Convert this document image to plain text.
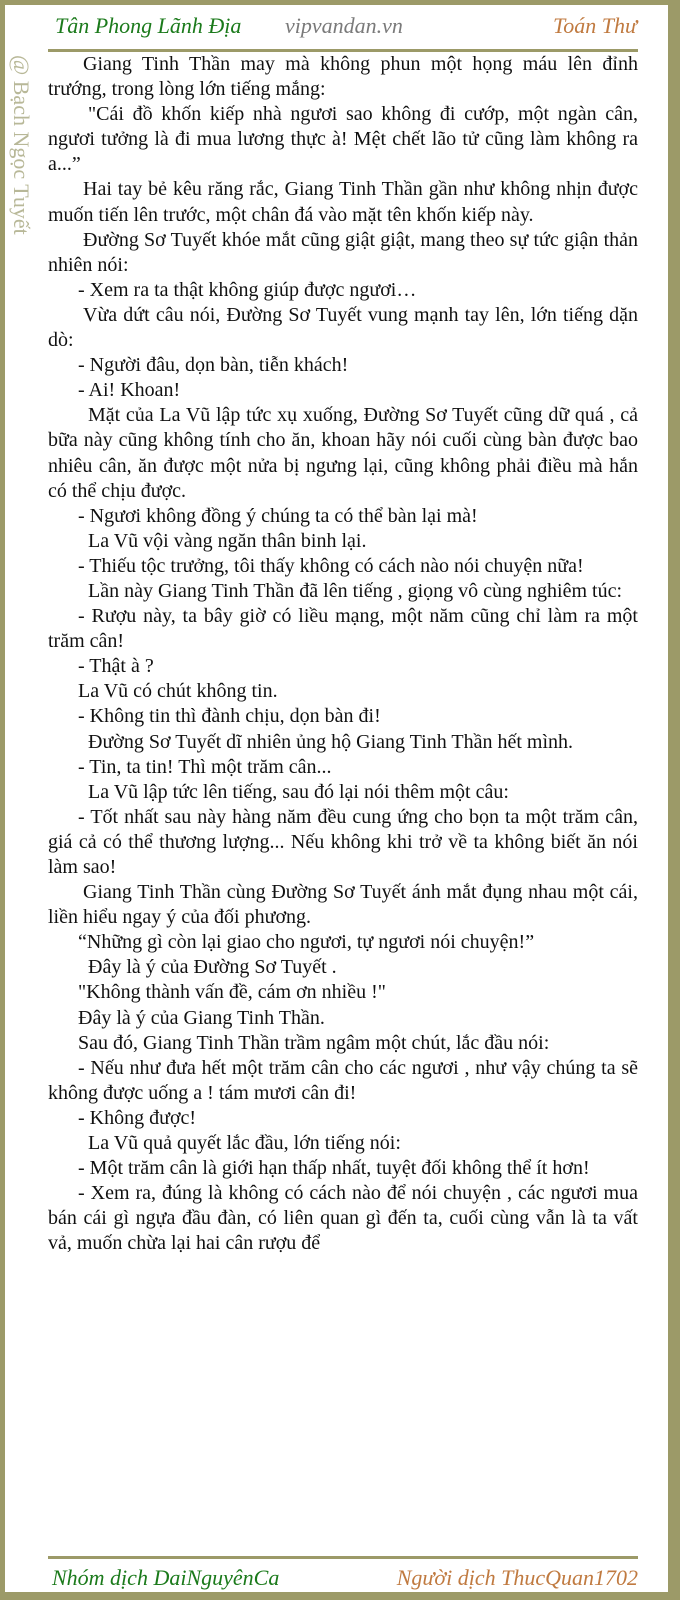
Tân Phong Lãnh Địa vipvandan.vn	Toán Thư
@ Bạch Ngọc Tuyết	Giang Tinh Thần may mà không phun một họng máu lên đỉnh trướng, trong lòng lớn tiếng mắng:

"Cái đồ khốn kiếp nhà ngươi sao không đi cướp, một ngàn cân, ngươi tưởng là đi mua lương thực à! Mệt chết lão tử cũng làm không ra a...”

Hai tay bẻ kêu răng rắc, Giang Tinh Thần gần như không nhịn được muốn tiến lên trước, một chân đá vào mặt tên khốn kiếp này.

Đường Sơ Tuyết khóe mắt cũng giật giật, mang theo sự tức giận thản nhiên nói:

- Xem ra ta thật không giúp được ngươi…

Vừa dứt câu nói, Đường Sơ Tuyết vung mạnh tay lên, lớn tiếng dặn dò:

- Người đâu, dọn bàn, tiễn khách!

- Ai! Khoan!

Mặt của La Vũ lập tức xụ xuống, Đường Sơ Tuyết cũng dữ quá , cả bữa này cũng không tính cho ăn, khoan hãy nói cuối cùng bàn được bao nhiêu cân, ăn được một nửa bị ngưng lại, cũng không phải điều mà hắn có thể chịu được.

- Ngươi không đồng ý chúng ta có thể bàn lại mà!

La Vũ vội vàng ngăn thân binh lại.

- Thiếu tộc trưởng, tôi thấy không có cách nào nói chuyện nữa!

Lần này Giang Tinh Thần đã lên tiếng , giọng vô cùng nghiêm túc:

- Rượu này, ta bây giờ có liều mạng, một năm cũng chỉ làm ra một trăm cân!

- Thật à ?

La Vũ có chút không tin.

- Không tin thì đành chịu, dọn bàn đi!

Đường Sơ Tuyết dĩ nhiên ủng hộ Giang Tinh Thần hết mình.

- Tin, ta tin! Thì một trăm cân...

La Vũ lập tức lên tiếng, sau đó lại nói thêm một câu:

- Tốt nhất sau này hàng năm đều cung ứng cho bọn ta một trăm cân, giá cả có thể thương lượng... Nếu không khi trở về ta không biết ăn nói làm sao!

Giang Tinh Thần cùng Đường Sơ Tuyết ánh mắt đụng nhau một cái, liền hiểu ngay ý của đối phương.

“Những gì còn lại giao cho ngươi, tự ngươi nói chuyện!”

Đây là ý của Đường Sơ Tuyết .

"Không thành vấn đề, cám ơn nhiều !"

Đây là ý của Giang Tinh Thần.

Sau đó, Giang Tinh Thần trầm ngâm một chút, lắc đầu nói:

- Nếu như đưa hết một trăm cân cho các ngươi , như vậy chúng ta sẽ không được uống a ! tám mươi cân đi!

- Không được!

La Vũ quả quyết lắc đầu, lớn tiếng nói:

- Một trăm cân là giới hạn thấp nhất, tuyệt đối không thể ít hơn!

- Xem ra, đúng là không có cách nào để nói chuyện , các ngươi mua bán cái gì ngựa đầu đàn, có liên quan gì đến ta, cuối cùng vẫn là ta vất vả, muốn chừa lại hai cân rượu để

Nhóm dịch DaiNguyênCa	Người dịch ThucQuan1702
